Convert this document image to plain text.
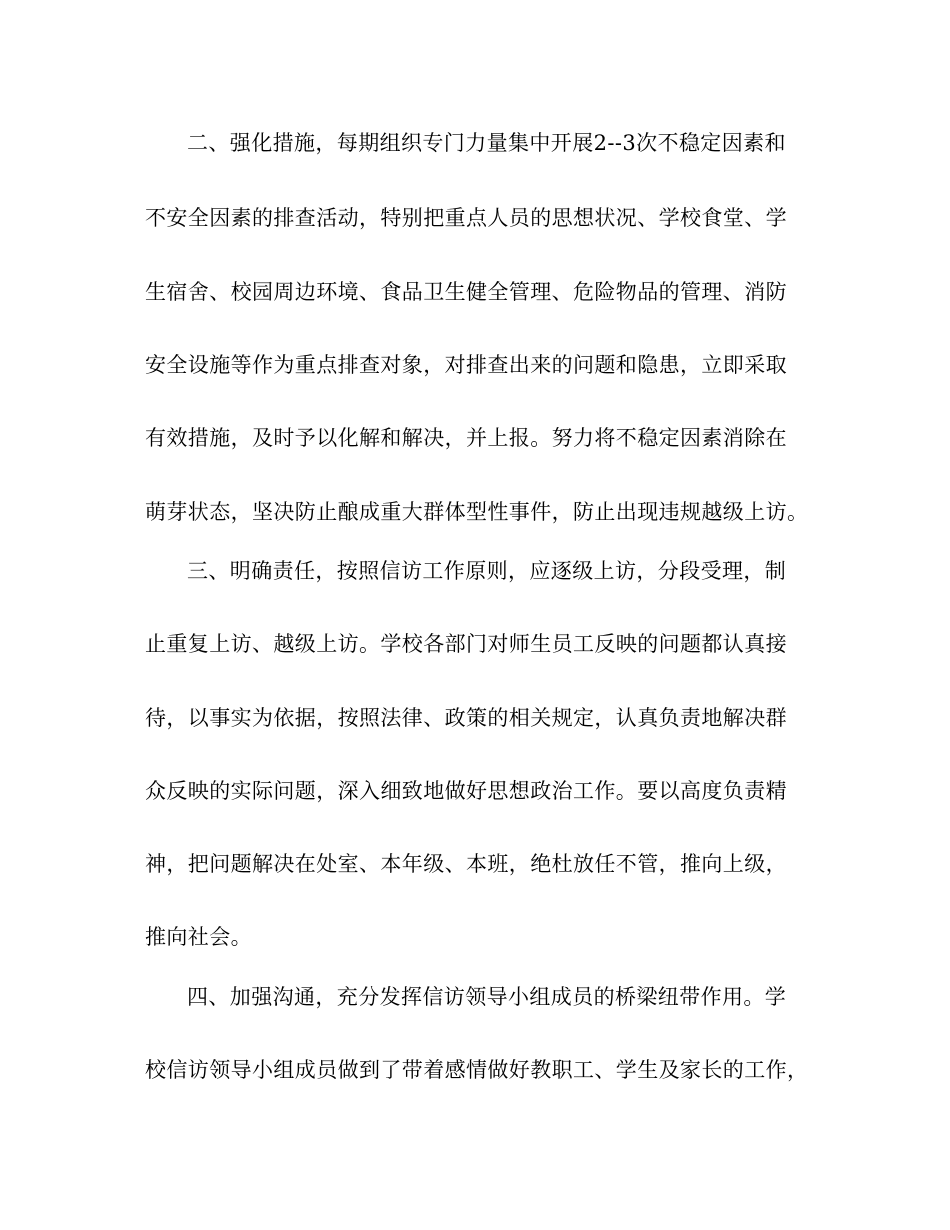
二、强化措施，每期组织专门力量集中开展2--3次不稳定因素和
不安全因素的排查活动，特别把重点人员的思想状况、学校食堂、学
生宿舍、校园周边环境、食品卫生健全管理、危险物品的管理、消防
安全设施等作为重点排查对象，对排查出来的问题和隐患，立即采取
有效措施，及时予以化解和解决，并上报。努力将不稳定因素消除在
萌芽状态，坚决防止酿成重大群体型性事件，防止出现违规越级上访。
三、明确责任，按照信访工作原则，应逐级上访，分段受理，制
止重复上访、越级上访。学校各部门对师生员工反映的问题都认真接
待，以事实为依据，按照法律、政策的相关规定，认真负责地解决群
众反映的实际问题，深入细致地做好思想政治工作。要以高度负责精
神，把问题解决在处室、本年级、本班，绝杜放任不管，推向上级，
推向社会。
四、加强沟通，充分发挥信访领导小组成员的桥梁纽带作用。学
校信访领导小组成员做到了带着感情做好教职工、学生及家长的工作，
